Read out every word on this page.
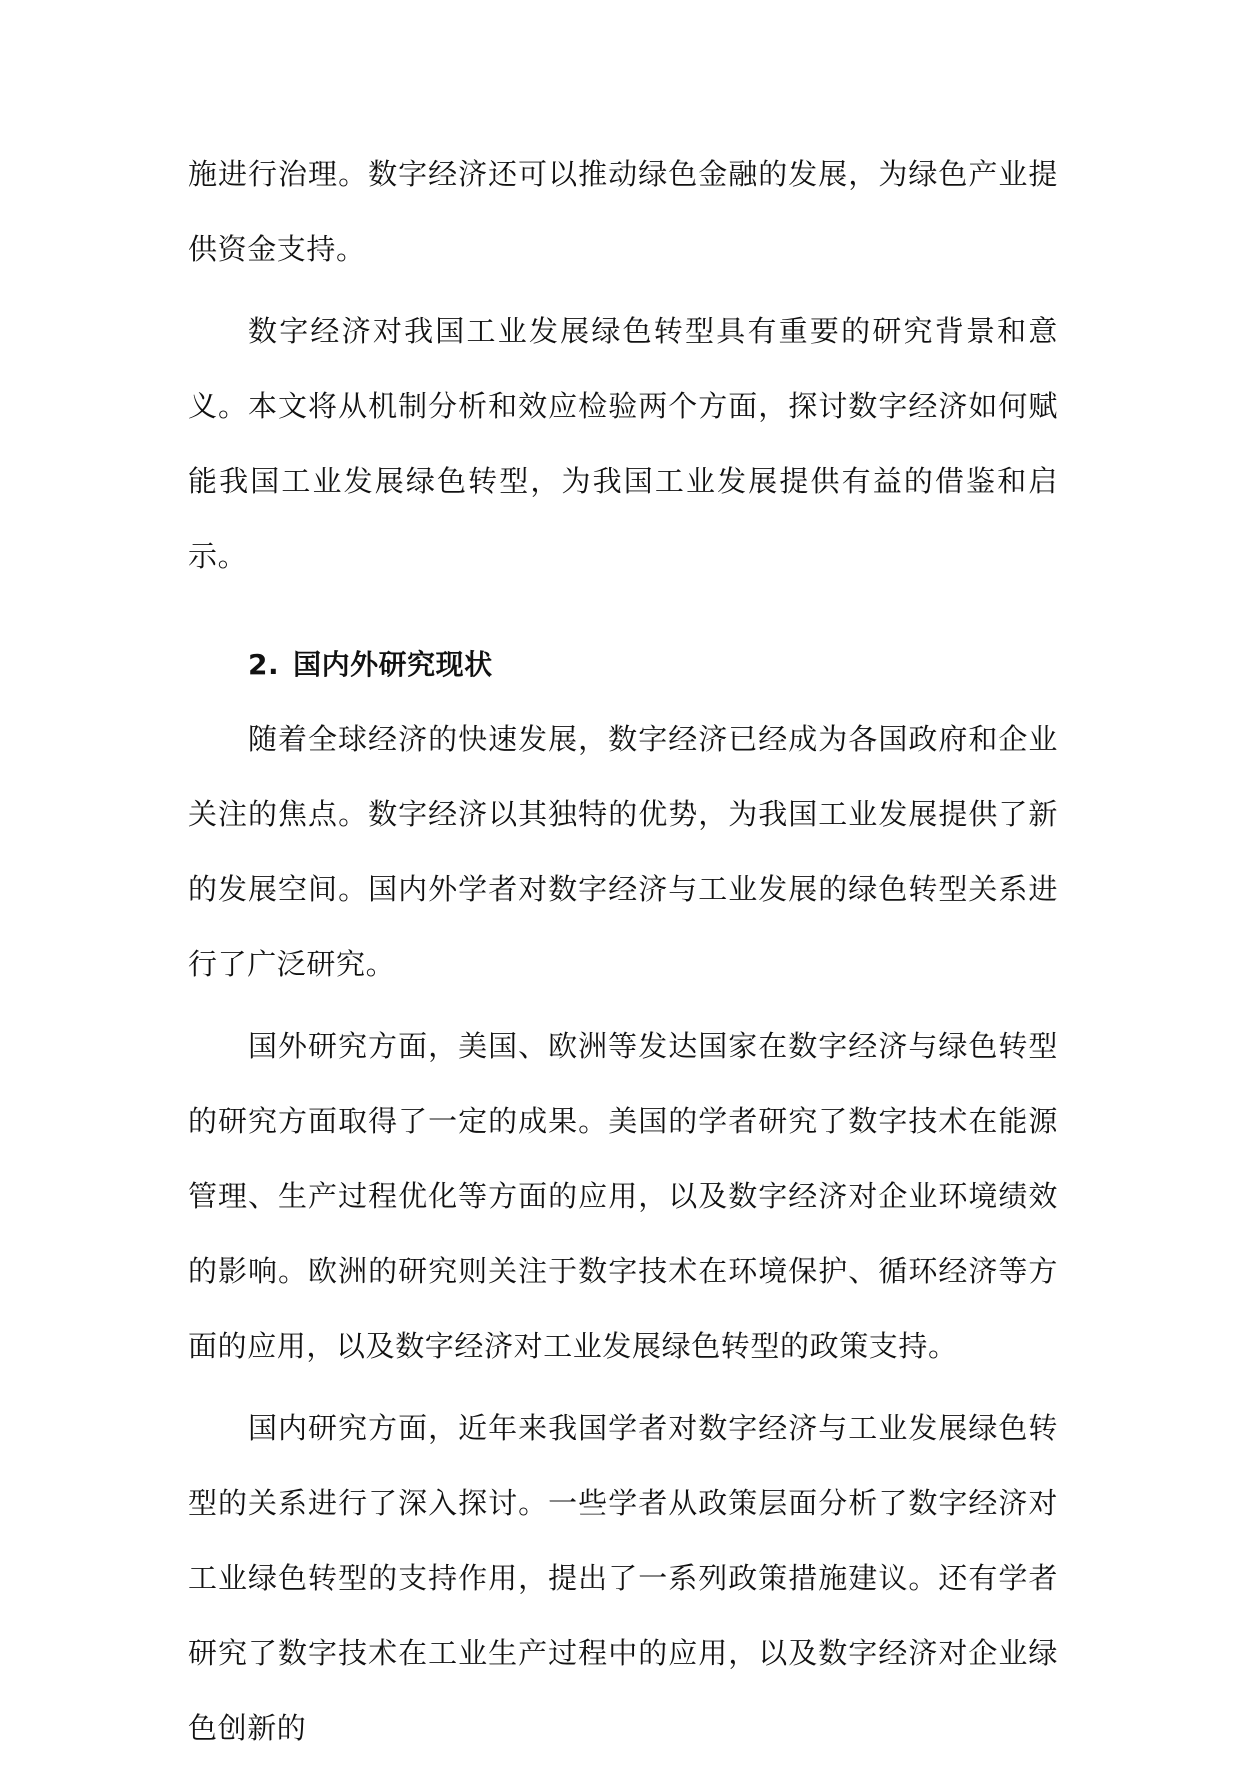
施进行治理。数字经济还可以推动绿色金融的发展，为绿色产业提供资金支持。

数字经济对我国工业发展绿色转型具有重要的研究背景和意义。本文将从机制分析和效应检验两个方面，探讨数字经济如何赋能我国工业发展绿色转型，为我国工业发展提供有益的借鉴和启示。

2. 国内外研究现状

随着全球经济的快速发展，数字经济已经成为各国政府和企业关注的焦点。数字经济以其独特的优势，为我国工业发展提供了新的发展空间。国内外学者对数字经济与工业发展的绿色转型关系进行了广泛研究。

国外研究方面，美国、欧洲等发达国家在数字经济与绿色转型的研究方面取得了一定的成果。美国的学者研究了数字技术在能源管理、生产过程优化等方面的应用，以及数字经济对企业环境绩效的影响。欧洲的研究则关注于数字技术在环境保护、循环经济等方面的应用，以及数字经济对工业发展绿色转型的政策支持。

国内研究方面，近年来我国学者对数字经济与工业发展绿色转型的关系进行了深入探讨。一些学者从政策层面分析了数字经济对工业绿色转型的支持作用，提出了一系列政策措施建议。还有学者研究了数字技术在工业生产过程中的应用，以及数字经济对企业绿色创新的
